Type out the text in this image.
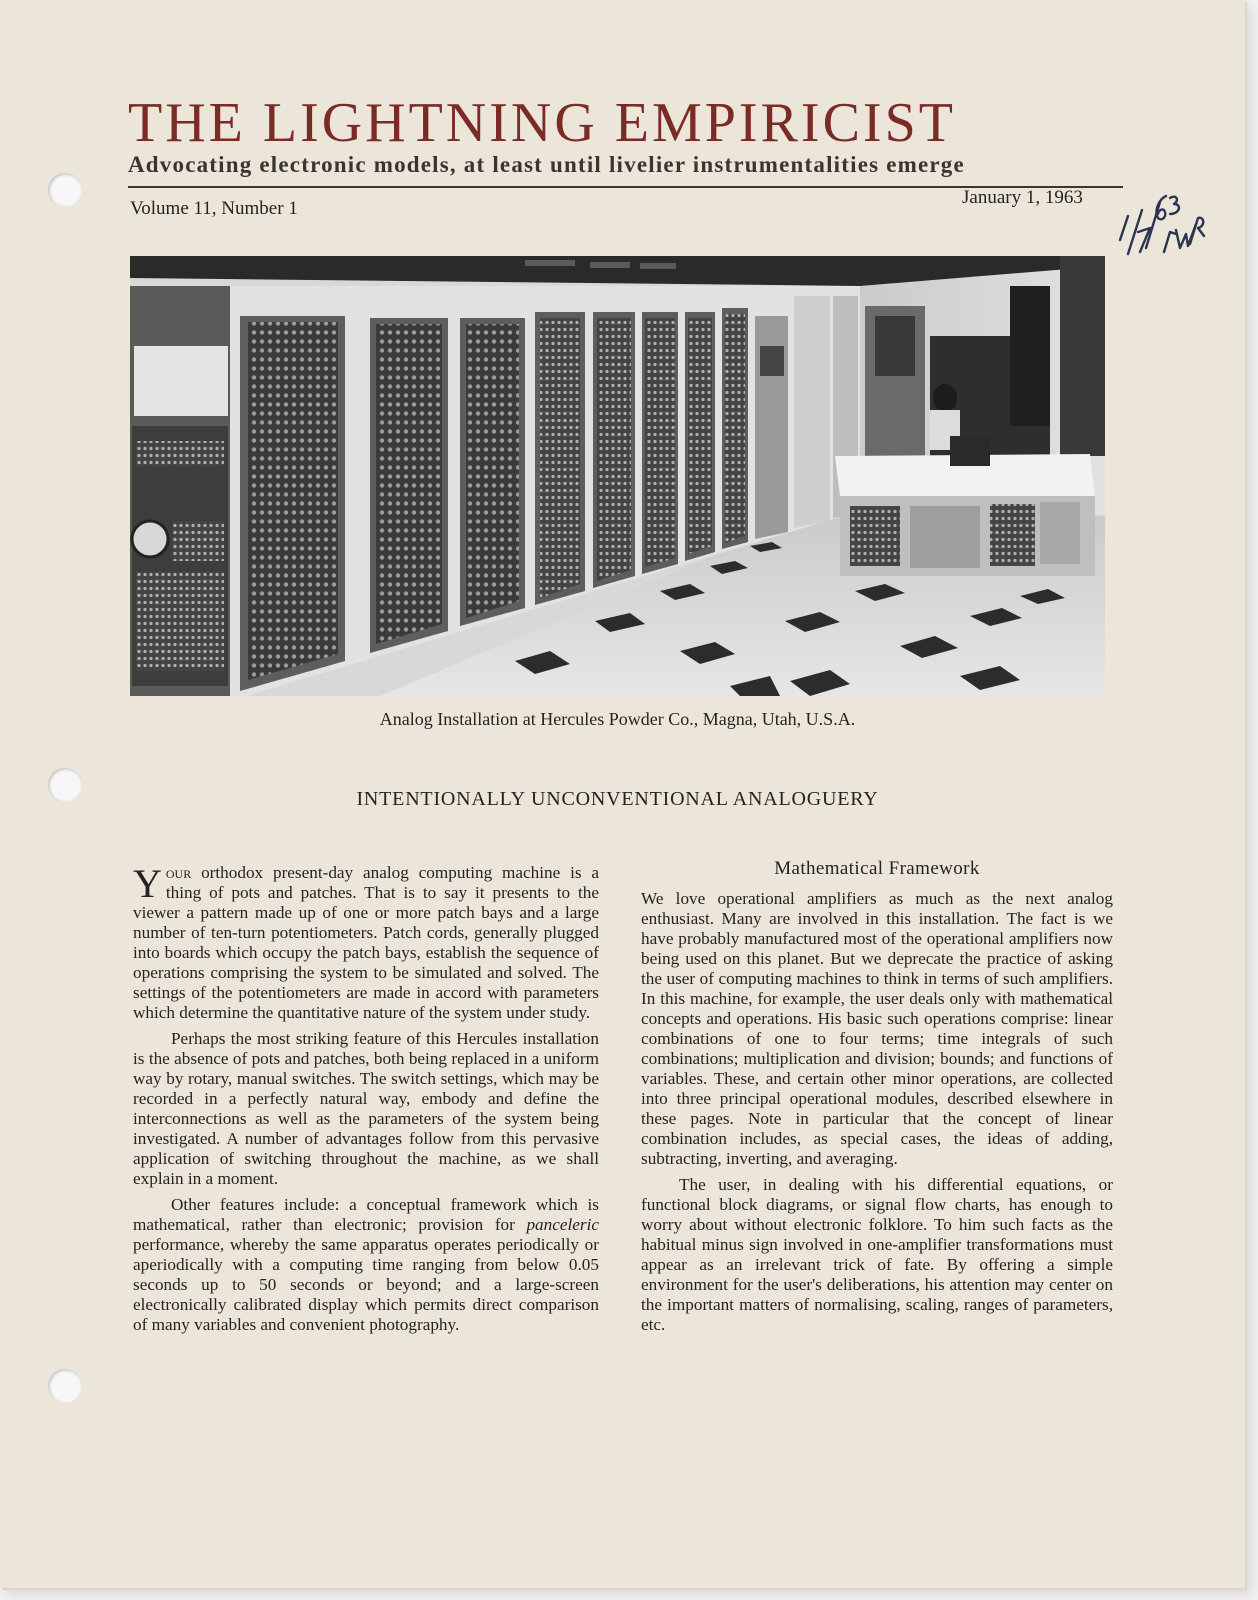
THE LIGHTNING EMPIRICIST
Advocating electronic models, at least until livelier instrumentalities emerge
Volume 11, Number 1
January 1, 1963
Analog Installation at Hercules Powder Co., Magna, Utah, U.S.A.
INTENTIONALLY UNCONVENTIONAL ANALOGUERY

Your orthodox present-day analog computing machine is a thing of pots and patches. That is to say it presents to the viewer a pattern made up of one or more patch bays and a large number of ten-turn potentiometers. Patch cords, generally plugged into boards which occupy the patch bays, establish the sequence of operations comprising the system to be simulated and solved. The settings of the potentiometers are made in accord with parameters which determine the quantitative nature of the system under study.

Perhaps the most striking feature of this Hercules installation is the absence of pots and patches, both being replaced in a uniform way by rotary, manual switches. The switch settings, which may be recorded in a perfectly natural way, embody and define the interconnections as well as the parameters of the system being investigated. A number of advantages follow from this pervasive application of switching throughout the machine, as we shall explain in a moment.

Other features include: a conceptual framework which is mathematical, rather than electronic; provision for panceleric performance, whereby the same apparatus operates periodically or aperiodically with a computing time ranging from below 0.05 seconds up to 50 seconds or beyond; and a large-screen electronically calibrated display which permits direct comparison of many variables and convenient photography.

Mathematical Framework

We love operational amplifiers as much as the next analog enthusiast. Many are involved in this installation. The fact is we have probably manufactured most of the operational amplifiers now being used on this planet. But we deprecate the practice of asking the user of computing machines to think in terms of such amplifiers. In this machine, for example, the user deals only with mathematical concepts and operations. His basic such operations comprise: linear combinations of one to four terms; time integrals of such combinations; multiplication and division; bounds; and functions of variables. These, and certain other minor operations, are collected into three principal operational modules, described elsewhere in these pages. Note in particular that the concept of linear combination includes, as special cases, the ideas of adding, subtracting, inverting, and averaging.

The user, in dealing with his differential equations, or functional block diagrams, or signal flow charts, has enough to worry about without electronic folklore. To him such facts as the habitual minus sign involved in one-amplifier transformations must appear as an irrelevant trick of fate. By offering a simple environment for the user's deliberations, his attention may center on the important matters of normalising, scaling, ranges of parameters, etc.
